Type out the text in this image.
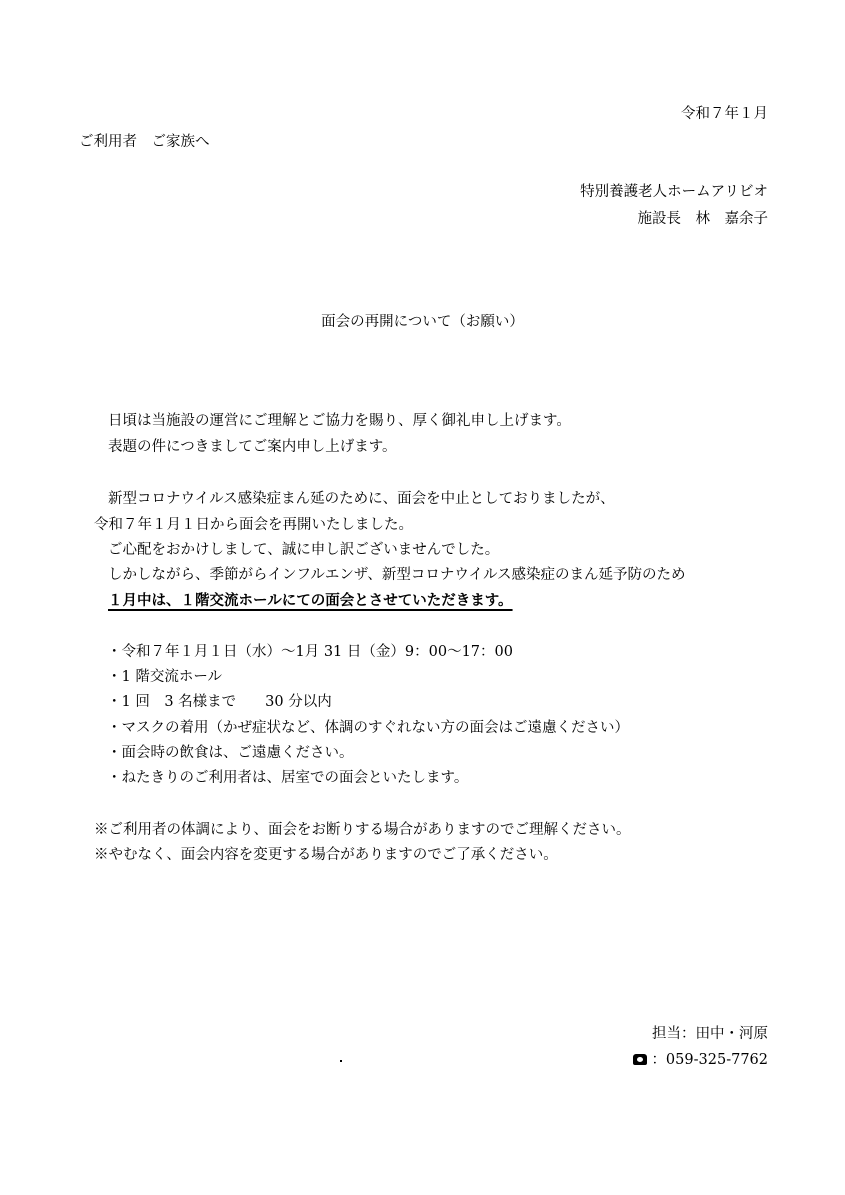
令和７年１月
ご利用者　ご家族へ
特別養護老人ホームアリビオ
施設長　林　嘉余子
面会の再開について（お願い）
日頃は当施設の運営にご理解とご協力を賜り、厚く御礼申し上げます。
表題の件につきましてご案内申し上げます。
新型コロナウイルス感染症まん延のために、面会を中止としておりましたが、
令和７年１月１日から面会を再開いたしました。
ご心配をおかけしまして、誠に申し訳ございませんでした。
しかしながら、季節がらインフルエンザ、新型コロナウイルス感染症のまん延予防のため
１月中は、１階交流ホールにての面会とさせていただきます。
・令和７年１月１日（水）～1月 31 日（金）9：00～17：00
・1 階交流ホール
・1 回　3 名様まで　　30 分以内
・マスクの着用（かぜ症状など、体調のすぐれない方の面会はご遠慮ください）
・面会時の飲食は、ご遠慮ください。
・ねたきりのご利用者は、居室での面会といたします。
※ご利用者の体調により、面会をお断りする場合がありますのでご理解ください。
※やむなく、面会内容を変更する場合がありますのでご了承ください。
担当：田中・河原
：059-325-7762
